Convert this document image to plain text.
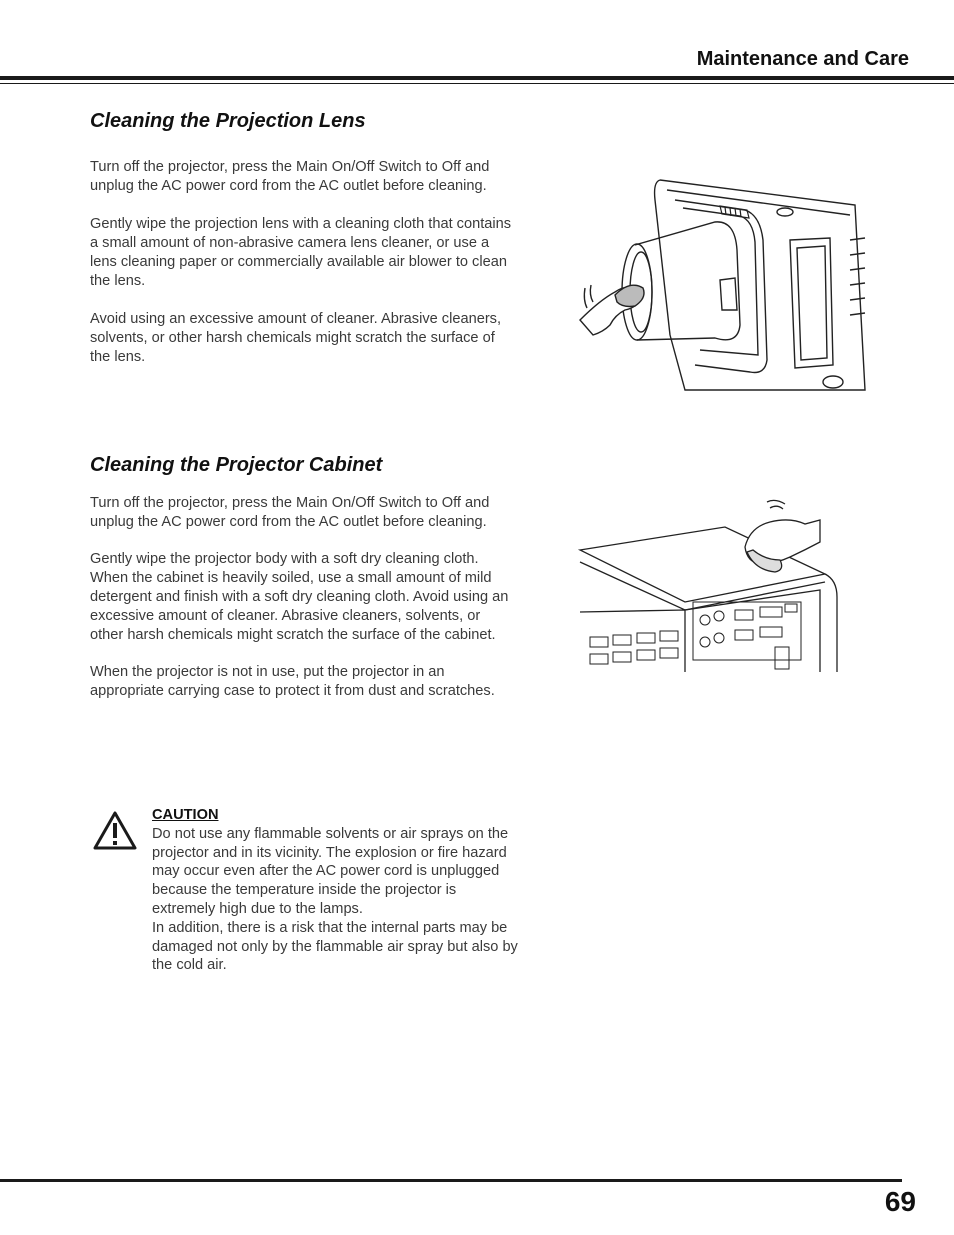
Maintenance and Care
Cleaning the Projection Lens

Turn off the projector, press the Main On/Off Switch to Off and unplug the AC power cord from the AC outlet before cleaning.

Gently wipe the projection lens with a cleaning cloth that contains a small amount of non-abrasive camera lens cleaner, or use a lens cleaning paper or commercially available air blower to clean the lens.

Avoid using an excessive amount of cleaner. Abrasive cleaners, solvents, or other harsh chemicals might scratch the surface of the lens.

Cleaning the Projector Cabinet

Turn off the projector, press the Main On/Off Switch to Off and unplug the AC power cord from the AC outlet before cleaning.

Gently wipe the projector body with a soft dry cleaning cloth. When the cabinet is heavily soiled, use a small amount of mild detergent and finish with a soft dry cleaning cloth. Avoid using an excessive amount of cleaner. Abrasive cleaners, solvents, or other harsh chemicals might scratch the surface of the cabinet.

When the projector is not in use, put the projector in an appropriate carrying case to protect it from dust and scratches.

CAUTION

Do not use any flammable solvents or air sprays on the projector and in its vicinity. The explosion or fire hazard may occur even after the AC power cord is unplugged because the temperature inside the projector is extremely high due to the lamps.

In addition, there is a risk that the internal parts may be damaged not only by the flammable air spray but also by the cold air.

69
